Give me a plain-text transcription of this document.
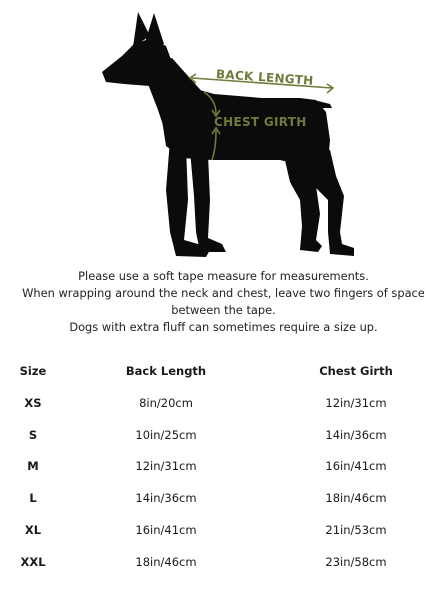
BACK LENGTH
CHEST GIRTH
Please use a soft tape measure for measurements.
When wrapping around the neck and chest, leave two fingers of space
between the tape.
Dogs with extra fluff can sometimes require a size up.
Size	Back Length	Chest Girth
XS	8in/20cm	12in/31cm
S	10in/25cm	14in/36cm
M	12in/31cm	16in/41cm
L	14in/36cm	18in/46cm
XL	16in/41cm	21in/53cm
XXL	18in/46cm	23in/58cm
